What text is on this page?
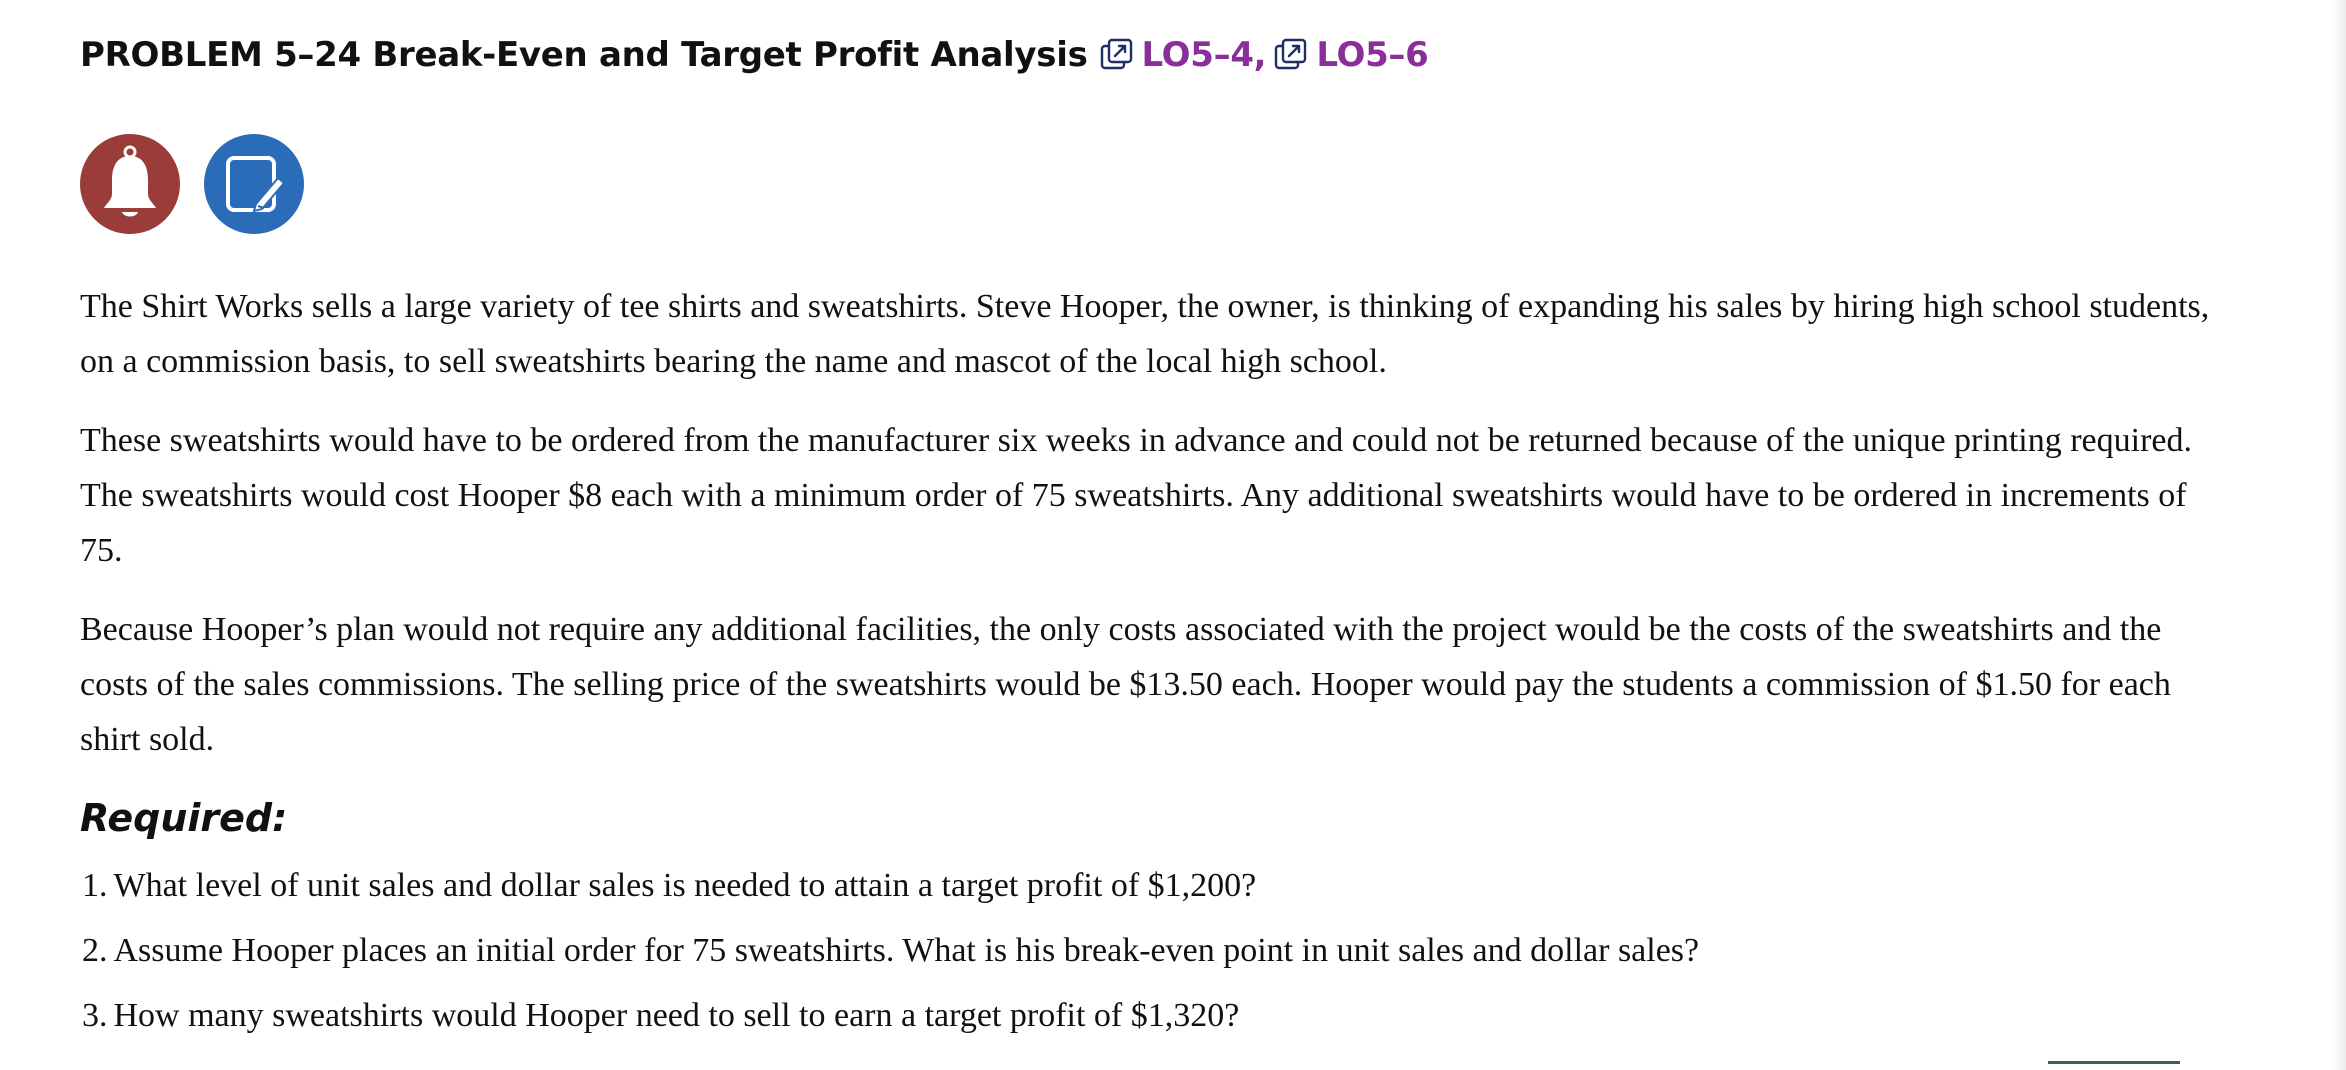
PROBLEM 5–24 Break-Even and Target Profit Analysis LO5–4, LO5–6

The Shirt Works sells a large variety of tee shirts and sweatshirts. Steve Hooper, the owner, is thinking of expanding his sales by hiring high school students, on a commission basis, to sell sweatshirts bearing the name and mascot of the local high school.

These sweatshirts would have to be ordered from the manufacturer six weeks in advance and could not be returned because of the unique printing required. The sweatshirts would cost Hooper $8 each with a minimum order of 75 sweatshirts. Any additional sweatshirts would have to be ordered in increments of 75.

Because Hooper’s plan would not require any additional facilities, the only costs associated with the project would be the costs of the sweatshirts and the costs of the sales commissions. The selling price of the sweatshirts would be $13.50 each. Hooper would pay the students a commission of $1.50 for each shirt sold.

Required:
1. What level of unit sales and dollar sales is needed to attain a target profit of $1,200?
2. Assume Hooper places an initial order for 75 sweatshirts. What is his break-even point in unit sales and dollar sales?
3. How many sweatshirts would Hooper need to sell to earn a target profit of $1,320?
